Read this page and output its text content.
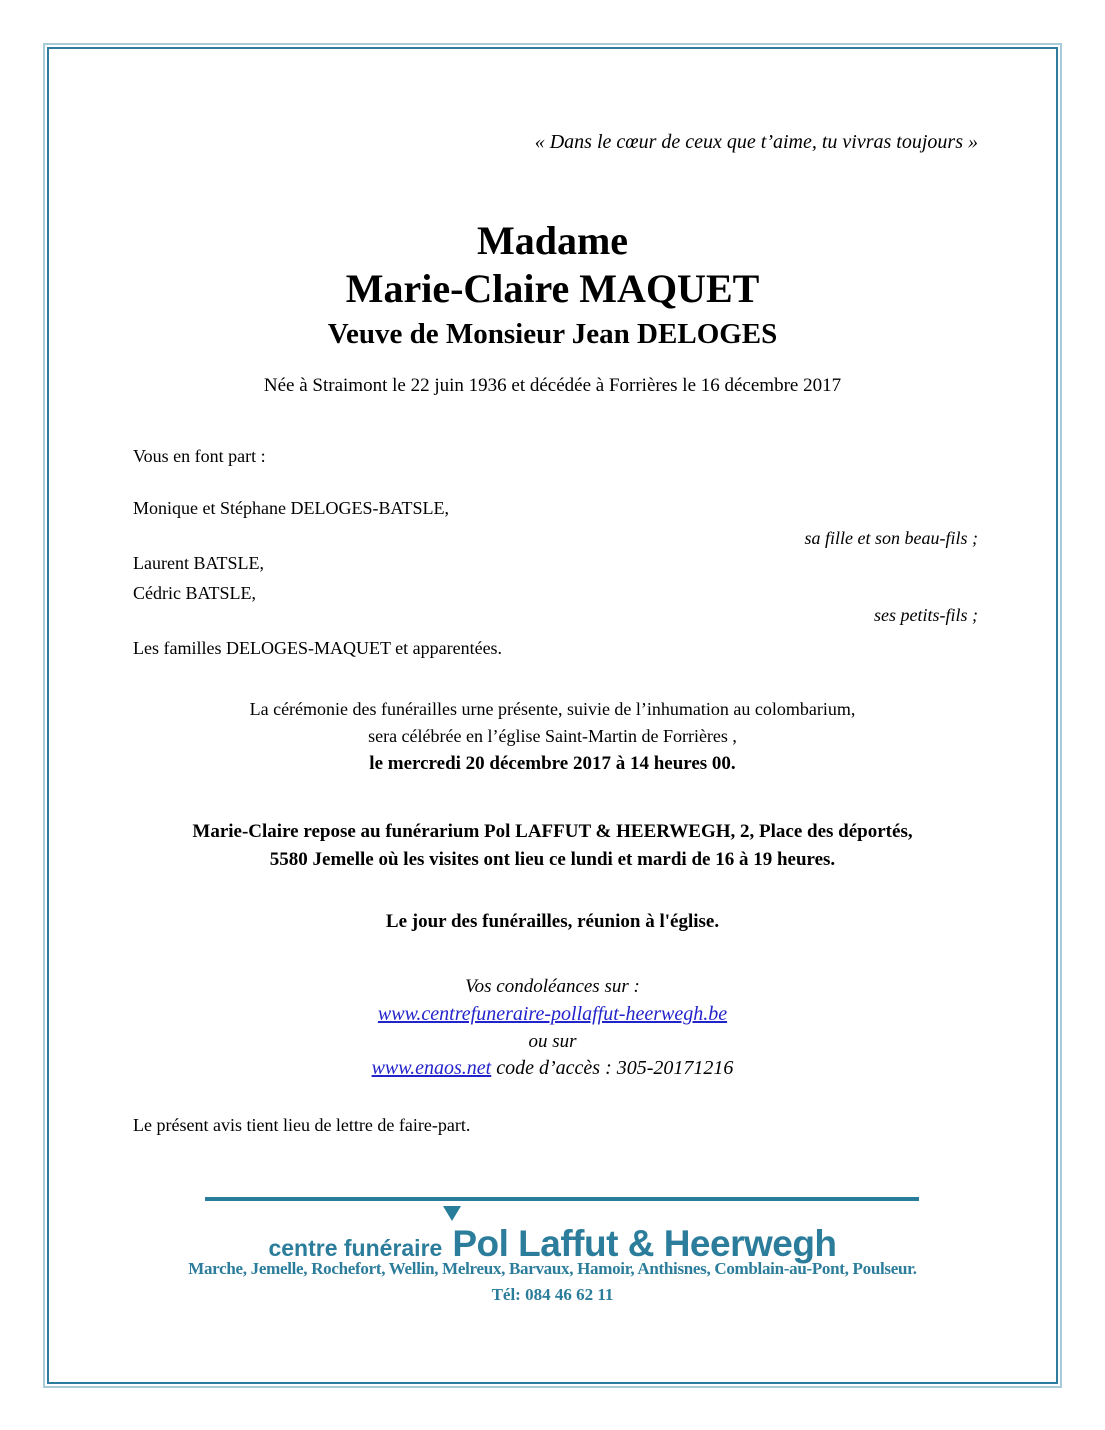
« Dans le cœur de ceux que t’aime, tu vivras toujours »

Madame
Marie-Claire MAQUET
Veuve de Monsieur Jean DELOGES

Née à Straimont le 22 juin 1936 et décédée à Forrières le 16 décembre 2017

Vous en font part :

Monique et Stéphane DELOGES-BATSLE,

sa fille et son beau-fils ;

Laurent BATSLE,

Cédric BATSLE,

ses petits-fils ;

Les familles DELOGES-MAQUET et apparentées.

La cérémonie des funérailles urne présente, suivie de l’inhumation au colombarium,

sera célébrée en l’église Saint-Martin de Forrières ,

le mercredi 20 décembre 2017 à 14 heures 00.

Marie-Claire repose au funérarium Pol LAFFUT & HEERWEGH, 2, Place des déportés,

5580 Jemelle où les visites ont lieu ce lundi et mardi de 16 à 19 heures.

Le jour des funérailles, réunion à l'église.

Vos condoléances sur :

www.centrefuneraire-pollaffut-heerwegh.be

ou sur

www.enaos.net code d’accès : 305-20171216

Le présent avis tient lieu de lettre de faire-part.

centre funéraire Pol Laffut & Heerwegh

Marche, Jemelle, Rochefort, Wellin, Melreux, Barvaux, Hamoir, Anthisnes, Comblain-au-Pont, Poulseur.

Tél: 084 46 62 11
